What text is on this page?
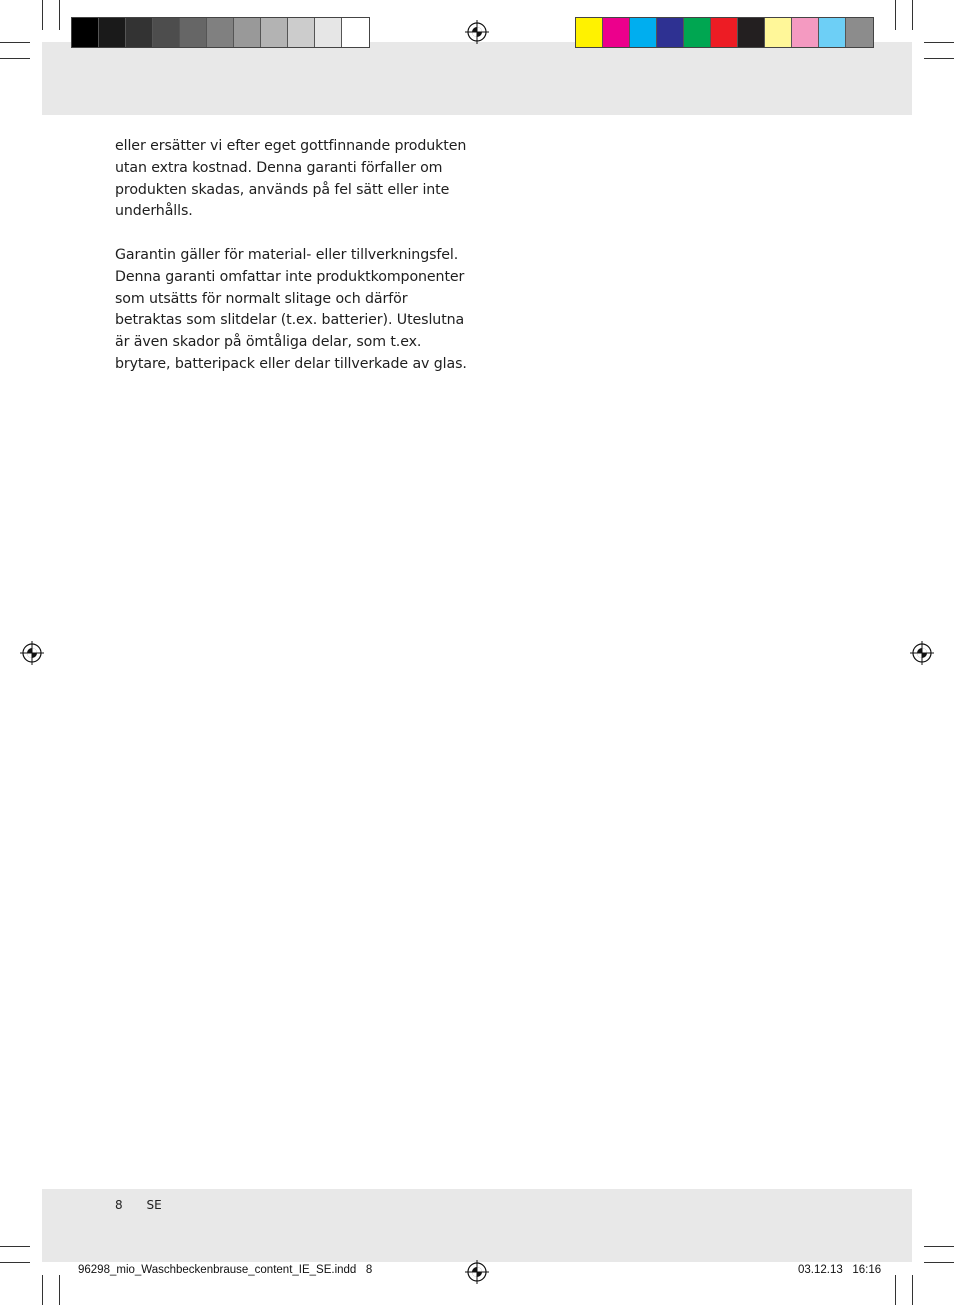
eller ersätter vi efter eget gottfinnande produkten utan extra kostnad. Denna garanti förfaller om produkten skadas, används på fel sätt eller inte underhålls.

Garantin gäller för material- eller tillverkningsfel. Denna garanti omfattar inte produktkomponenter som utsätts för normalt slitage och därför betraktas som slitdelar (t.ex. batterier). Uteslutna är även skador på ömtåliga delar, som t.ex. brytare, batteripack eller delar tillverkade av glas.

8 SE
96298_mio_Waschbeckenbrause_content_IE_SE.indd   8	03.12.13   16:16
